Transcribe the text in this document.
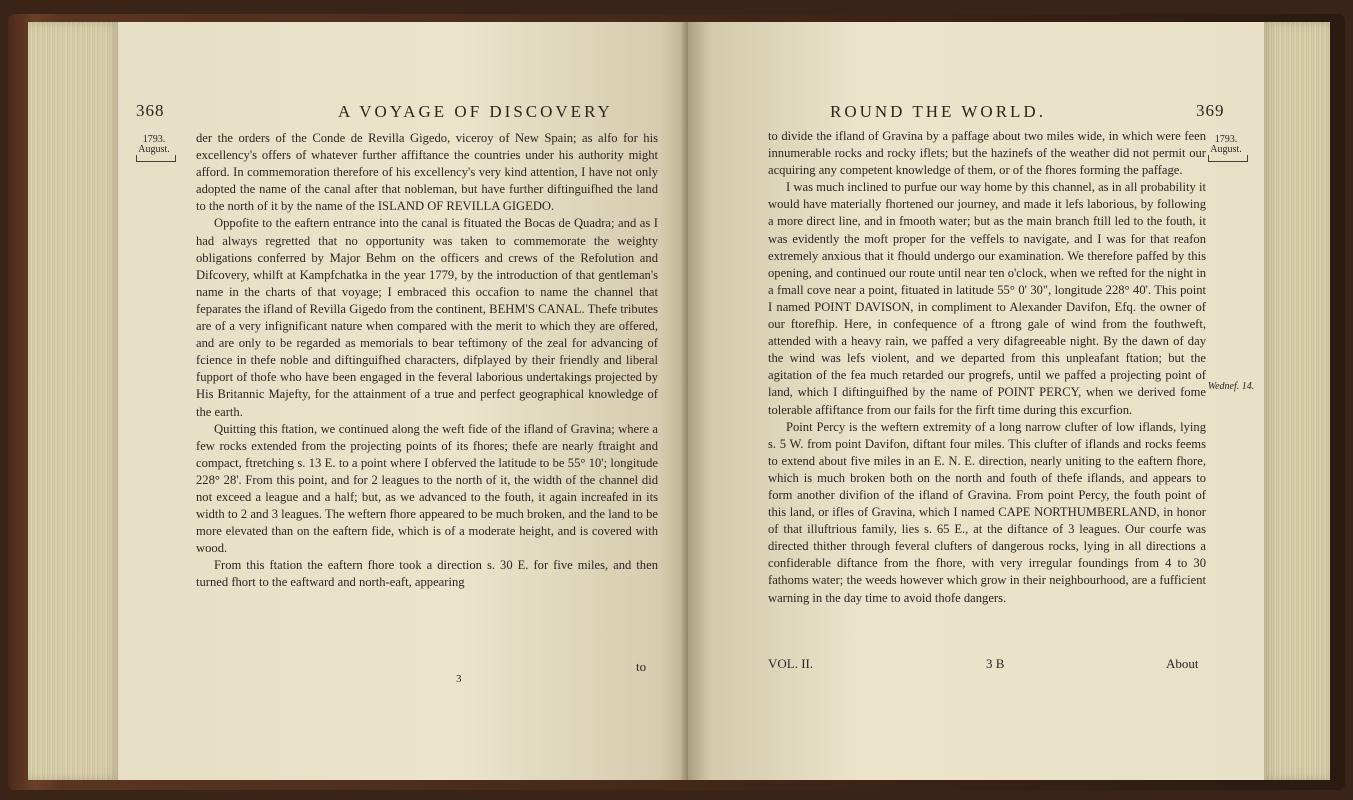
368	A VOYAGE OF DISCOVERY
1793.
August.

der the orders of the Conde de Revilla Gigedo, viceroy of New Spain; as alfo for his excellency's offers of whatever further affiftance the countries under his authority might afford. In commemoration therefore of his excellency's very kind attention, I have not only adopted the name of the canal after that nobleman, but have further diftinguifhed the land to the north of it by the name of the ISLAND OF REVILLA GIGEDO.

Oppofite to the eaftern entrance into the canal is fituated the Bocas de Quadra; and as I had always regretted that no opportunity was taken to commemorate the weighty obligations conferred by Major Behm on the officers and crews of the Refolution and Difcovery, whilft at Kampfchatka in the year 1779, by the introduction of that gentleman's name in the charts of that voyage; I embraced this occafion to name the channel that feparates the ifland of Revilla Gigedo from the continent, BEHM'S CANAL. Thefe tributes are of a very infignificant nature when compared with the merit to which they are offered, and are only to be regarded as memorials to bear teftimony of the zeal for advancing of fcience in thefe noble and diftinguifhed characters, difplayed by their friendly and liberal fupport of thofe who have been engaged in the feveral laborious undertakings projected by His Britannic Majefty, for the attainment of a true and perfect geographical knowledge of the earth.

Quitting this ftation, we continued along the weft fide of the ifland of Gravina; where a few rocks extended from the projecting points of its fhores; thefe are nearly ftraight and compact, ftretching s. 13 E. to a point where I obferved the latitude to be 55° 10'; longitude 228° 28'. From this point, and for 2 leagues to the north of it, the width of the channel did not exceed a league and a half; but, as we advanced to the fouth, it again increafed in its width to 2 and 3 leagues. The weftern fhore appeared to be much broken, and the land to be more elevated than on the eaftern fide, which is of a moderate height, and is covered with wood.

From this ftation the eaftern fhore took a direction s. 30 E. for five miles, and then turned fhort to the eaftward and north-eaft, appearing

to
3
ROUND THE WORLD.	369

to divide the ifland of Gravina by a paffage about two miles wide, in which were feen innumerable rocks and rocky iflets; but the hazinefs of the weather did not permit our acquiring any competent knowledge of them, or of the fhores forming the paffage.

I was much inclined to purfue our way home by this channel, as in all probability it would have materially fhortened our journey, and made it lefs laborious, by following a more direct line, and in fmooth water; but as the main branch ftill led to the fouth, it was evidently the moft proper for the veffels to navigate, and I was for that reafon extremely anxious that it fhould undergo our examination. We therefore paffed by this opening, and continued our route until near ten o'clock, when we refted for the night in a fmall cove near a point, fituated in latitude 55° 0' 30", longitude 228° 40'. This point I named POINT DAVISON, in compliment to Alexander Davifon, Efq. the owner of our ftorefhip. Here, in confequence of a ftrong gale of wind from the fouthweft, attended with a heavy rain, we paffed a very difagreeable night. By the dawn of day the wind was lefs violent, and we departed from this unpleafant ftation; but the agitation of the fea much retarded our progrefs, until we paffed a projecting point of land, which I diftinguifhed by the name of POINT PERCY, when we derived fome tolerable affiftance from our fails for the firft time during this excurfion.

Point Percy is the weftern extremity of a long narrow clufter of low iflands, lying s. 5 W. from point Davifon, diftant four miles. This clufter of iflands and rocks feems to extend about five miles in an E. N. E. direction, nearly uniting to the eaftern fhore, which is much broken both on the north and fouth of thefe iflands, and appears to form another divifion of the ifland of Gravina. From point Percy, the fouth point of this land, or ifles of Gravina, which I named CAPE NORTHUMBERLAND, in honor of that illuftrious family, lies s. 65 E., at the diftance of 3 leagues. Our courfe was directed thither through feveral clufters of dangerous rocks, lying in all directions a confiderable diftance from the fhore, with very irregular foundings from 4 to 30 fathoms water; the weeds however which grow in their neighbourhood, are a fufficient warning in the day time to avoid thofe dangers.

1793.
August.
Wednef. 14.
VOL. II.	3 B	About
